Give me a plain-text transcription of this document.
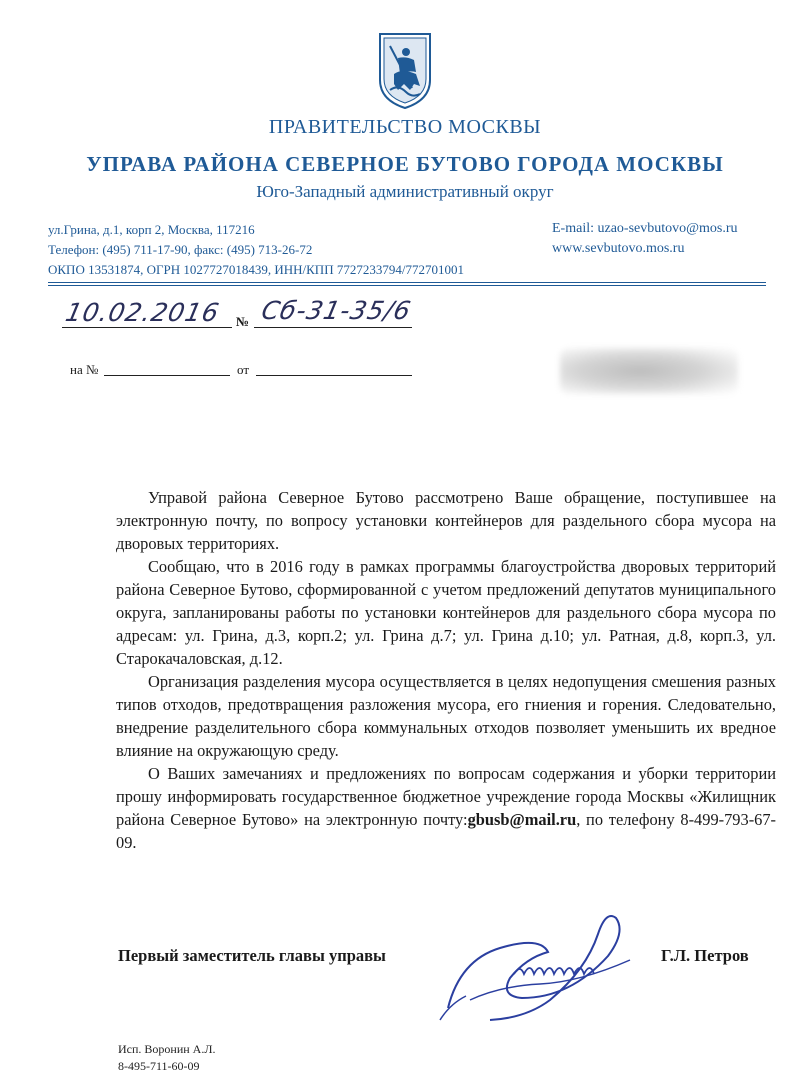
ПРАВИТЕЛЬСТВО МОСКВЫ
УПРАВА РАЙОНА СЕВЕРНОЕ БУТОВО ГОРОДА МОСКВЫ
Юго-Западный административный округ
ул.Грина, д.1, корп 2, Москва, 117216
Телефон: (495) 711-17-90, факс: (495) 713-26-72
ОКПО 13531874, ОГРН 1027727018439, ИНН/КПП 7727233794/772701001
E-mail: uzao-sevbutovo@mos.ru
www.sevbutovo.mos.ru
10.02.2016 № Сб-31-35/6
на №	от

Управой района Северное Бутово рассмотрено Ваше обращение, поступившее на электронную почту, по вопросу установки контейнеров для раздельного сбора мусора на дворовых территориях.

Сообщаю, что в 2016 году в рамках программы благоустройства дворовых территорий района Северное Бутово, сформированной с учетом предложений депутатов муниципального округа, запланированы работы по установки контейнеров для раздельного сбора мусора по адресам: ул. Грина, д.3, корп.2; ул. Грина д.7; ул. Грина д.10; ул. Ратная, д.8, корп.3, ул. Старокачаловская, д.12.

Организация разделения мусора осуществляется в целях недопущения смешения разных типов отходов, предотвращения разложения мусора, его гниения и горения. Следовательно, внедрение разделительного сбора коммунальных отходов позволяет уменьшить их вредное влияние на окружающую среду.

О Ваших замечаниях и предложениях по вопросам содержания и уборки территории прошу информировать государственное бюджетное учреждение города Москвы «Жилищник района Северное Бутово» на электронную почту:gbusb@mail.ru, по телефону 8-499-793-67-09.

Первый заместитель главы управы	Г.Л. Петров
Исп. Воронин А.Л.
8-495-711-60-09
